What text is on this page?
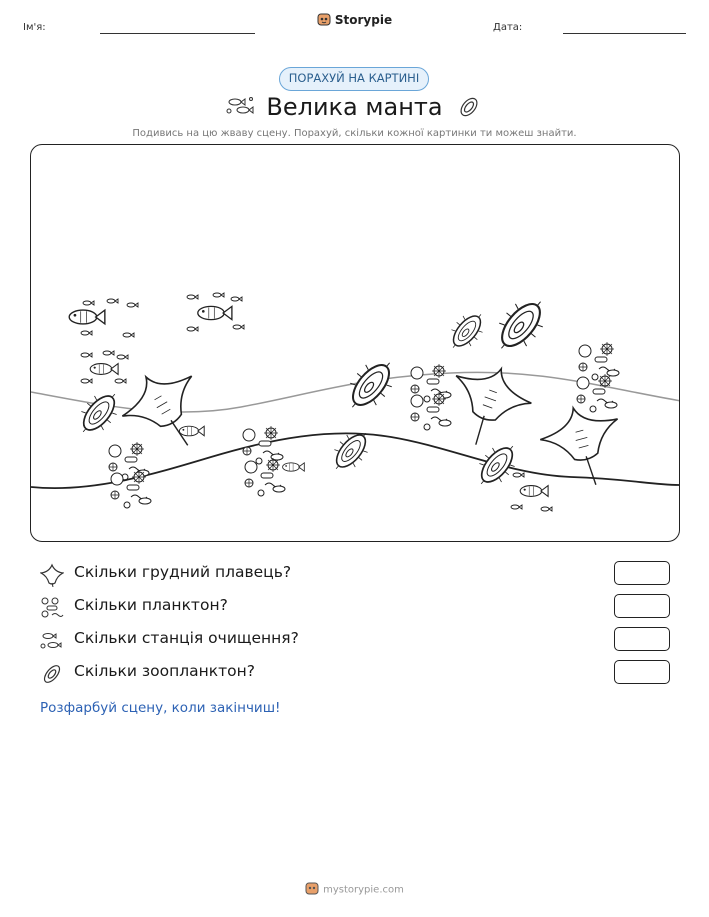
Ім'я:
Storypie
Дата:
ПОРАХУЙ НА КАРТИНІ
Велика манта
Подивись на цю жваву сцену. Порахуй, скільки кожної картинки ти можеш знайти.
Скільки грудний плавець?
Скільки планктон?
Скільки станція очищення?
Скільки зоопланктон?
Розфарбуй сцену, коли закінчиш!
mystorypie.com
